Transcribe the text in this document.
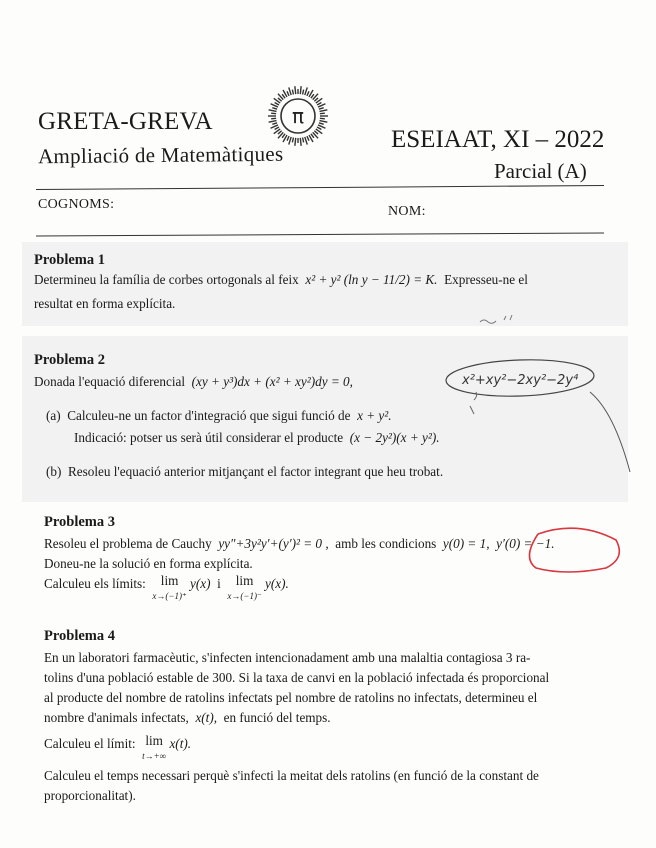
GRETA-GREVA
Ampliació de Matemàtiques
ESEIAAT, XI – 2022
Parcial (A)
π
COGNOMS:	NOM:
Problema 1
Determineu la família de corbes ortogonals al feix x² + y² (ln y − 11/2) = K. Expresseu-ne el
resultat en forma explícita.
Problema 2
Donada l'equació diferencial (xy + y³)dx + (x² + xy²)dy = 0,
(a) Calculeu-ne un factor d'integració que sigui funció de x + y².
Indicació: potser us serà útil considerar el producte (x − 2y²)(x + y²).
(b) Resoleu l'equació anterior mitjançant el factor integrant que heu trobat.
x²+xy²−2xy²−2y⁴
Problema 3
Resoleu el problema de Cauchy yy″+3y²y′+(y′)² = 0 , amb les condicions y(0) = 1, y′(0) = −1.
Doneu-ne la solució en forma explícita.
Calculeu els límits: lim
x→(−1)⁺ y(x) i lim
x→(−1)⁻ y(x).
Problema 4
En un laboratori farmacèutic, s'infecten intencionadament amb una malaltia contagiosa 3 ra-
tolins d'una població estable de 300. Si la taxa de canvi en la població infectada és proporcional
al producte del nombre de ratolins infectats pel nombre de ratolins no infectats, determineu el
nombre d'animals infectats, x(t), en funció del temps.
Calculeu el límit: lim
t→+∞ x(t).
Calculeu el temps necessari perquè s'infecti la meitat dels ratolins (en funció de la constant de
proporcionalitat).
